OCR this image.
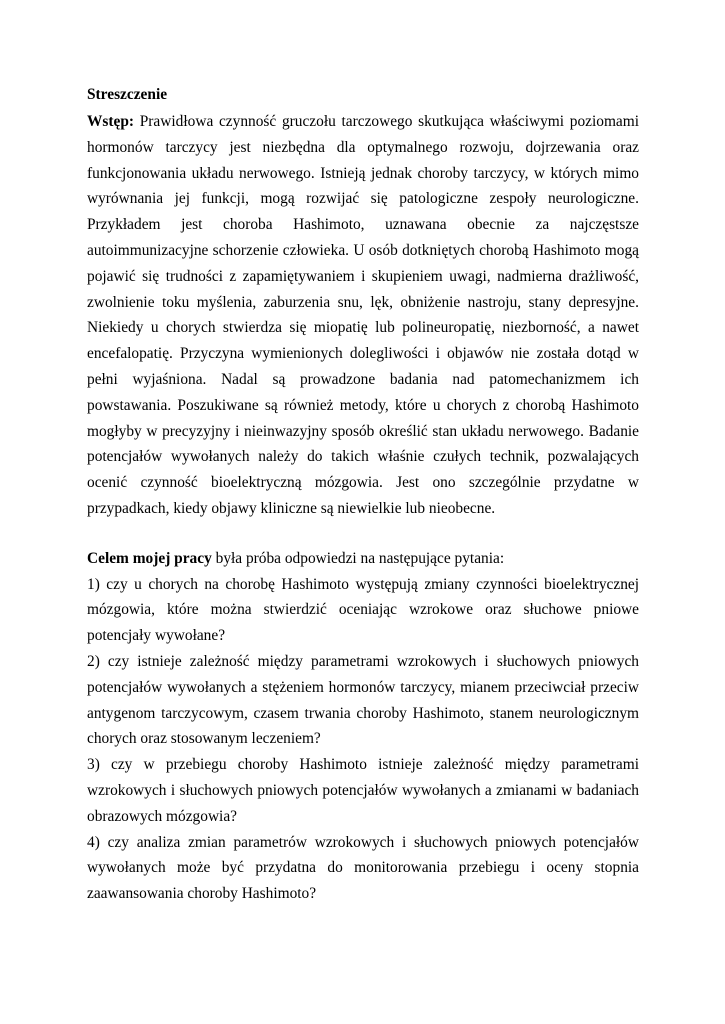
Streszczenie

Wstęp: Prawidłowa czynność gruczołu tarczowego skutkująca właściwymi poziomami hormonów tarczycy jest niezbędna dla optymalnego rozwoju, dojrzewania oraz funkcjonowania układu nerwowego. Istnieją jednak choroby tarczycy, w których mimo wyrównania jej funkcji, mogą rozwijać się patologiczne zespoły neurologiczne. Przykładem jest choroba Hashimoto, uznawana obecnie za najczęstsze autoimmunizacyjne schorzenie człowieka. U osób dotkniętych chorobą Hashimoto mogą pojawić się trudności z zapamiętywaniem i skupieniem uwagi, nadmierna drażliwość, zwolnienie toku myślenia, zaburzenia snu, lęk, obniżenie nastroju, stany depresyjne. Niekiedy u chorych stwierdza się miopatię lub polineuropatię, niezborność, a nawet encefalopatię. Przyczyna wymienionych dolegliwości i objawów nie została dotąd w pełni wyjaśniona. Nadal są prowadzone badania nad patomechanizmem ich powstawania. Poszukiwane są również metody, które u chorych z chorobą Hashimoto mogłyby w precyzyjny i nieinwazyjny sposób określić stan układu nerwowego. Badanie potencjałów wywołanych należy do takich właśnie czułych technik, pozwalających ocenić czynność bioelektryczną mózgowia. Jest ono szczególnie przydatne w przypadkach, kiedy objawy kliniczne są niewielkie lub nieobecne.

Celem mojej pracy była próba odpowiedzi na następujące pytania:

1) czy u chorych na chorobę Hashimoto występują zmiany czynności bioelektrycznej mózgowia, które można stwierdzić oceniając wzrokowe oraz słuchowe pniowe potencjały wywołane?

2) czy istnieje zależność między parametrami wzrokowych i słuchowych pniowych potencjałów wywołanych a stężeniem hormonów tarczycy, mianem przeciwciał przeciw antygenom tarczycowym, czasem trwania choroby Hashimoto, stanem neurologicznym chorych oraz stosowanym leczeniem?

3) czy w przebiegu choroby Hashimoto istnieje zależność między parametrami wzrokowych i słuchowych pniowych potencjałów wywołanych a zmianami w badaniach obrazowych mózgowia?

4) czy analiza zmian parametrów wzrokowych i słuchowych pniowych potencjałów wywołanych może być przydatna do monitorowania przebiegu i oceny stopnia zaawansowania choroby Hashimoto?
